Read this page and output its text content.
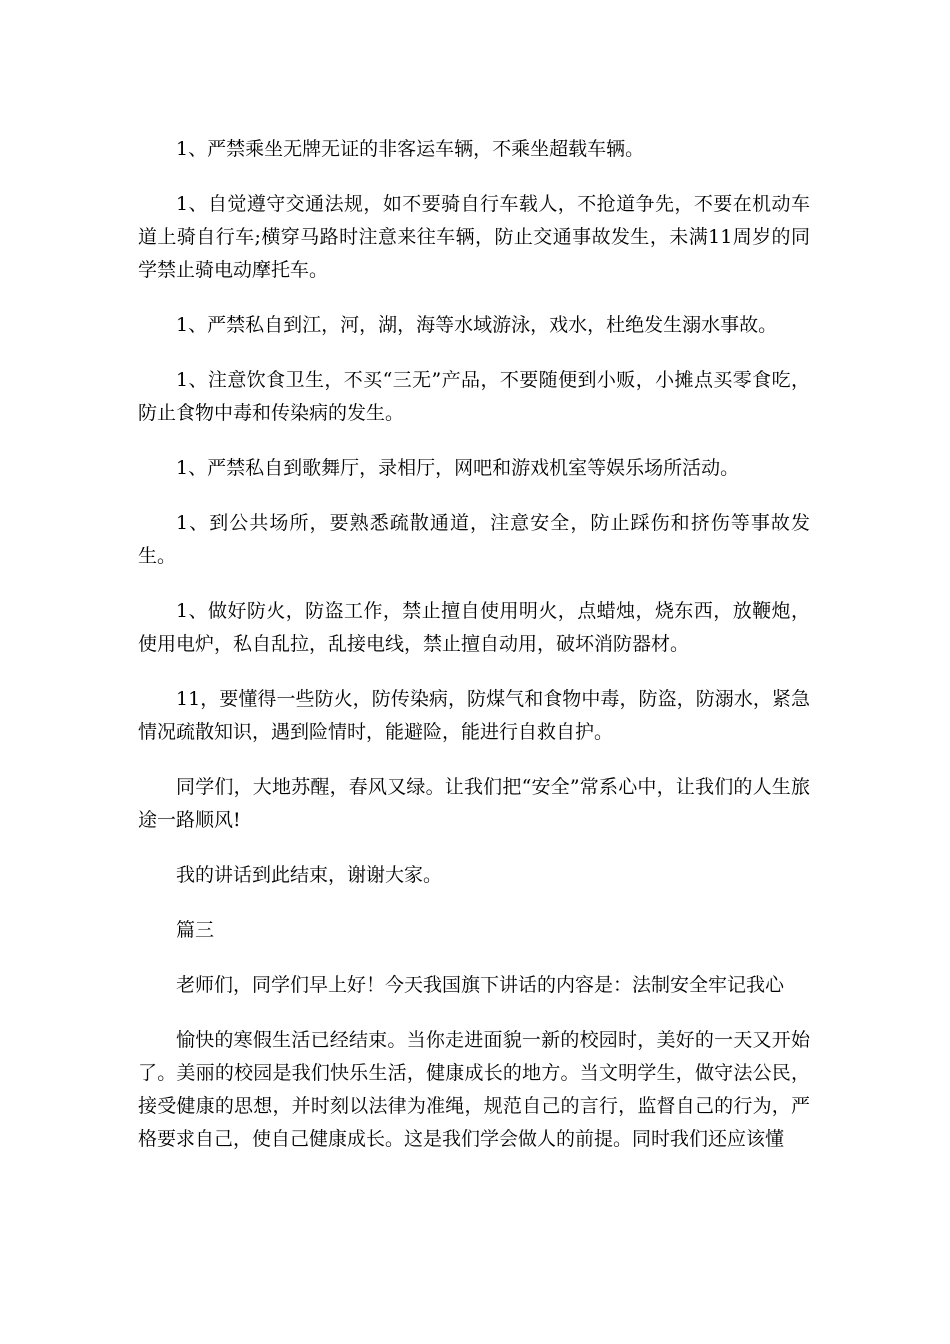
1、严禁乘坐无牌无证的非客运车辆，不乘坐超载车辆。

1、自觉遵守交通法规，如不要骑自行车载人，不抢道争先，不要在机动车道上骑自行车;横穿马路时注意来往车辆，防止交通事故发生，未满11周岁的同学禁止骑电动摩托车。

1、严禁私自到江，河，湖，海等水域游泳，戏水，杜绝发生溺水事故。

1、注意饮食卫生，不买“三无”产品，不要随便到小贩，小摊点买零食吃，防止食物中毒和传染病的发生。

1、严禁私自到歌舞厅，录相厅，网吧和游戏机室等娱乐场所活动。

1、到公共场所，要熟悉疏散通道，注意安全，防止踩伤和挤伤等事故发生。

1、做好防火，防盗工作，禁止擅自使用明火，点蜡烛，烧东西，放鞭炮，使用电炉，私自乱拉，乱接电线，禁止擅自动用，破坏消防器材。

11，要懂得一些防火，防传染病，防煤气和食物中毒，防盗，防溺水，紧急情况疏散知识，遇到险情时，能避险，能进行自救自护。

同学们，大地苏醒，春风又绿。让我们把“安全”常系心中，让我们的人生旅途一路顺风!

我的讲话到此结束，谢谢大家。

篇三

老师们，同学们早上好！今天我国旗下讲话的内容是：法制安全牢记我心

愉快的寒假生活已经结束。当你走进面貌一新的校园时，美好的一天又开始了。美丽的校园是我们快乐生活，健康成长的地方。当文明学生，做守法公民，接受健康的思想，并时刻以法律为准绳，规范自己的言行，监督自己的行为，严格要求自己，使自己健康成长。这是我们学会做人的前提。同时我们还应该懂
